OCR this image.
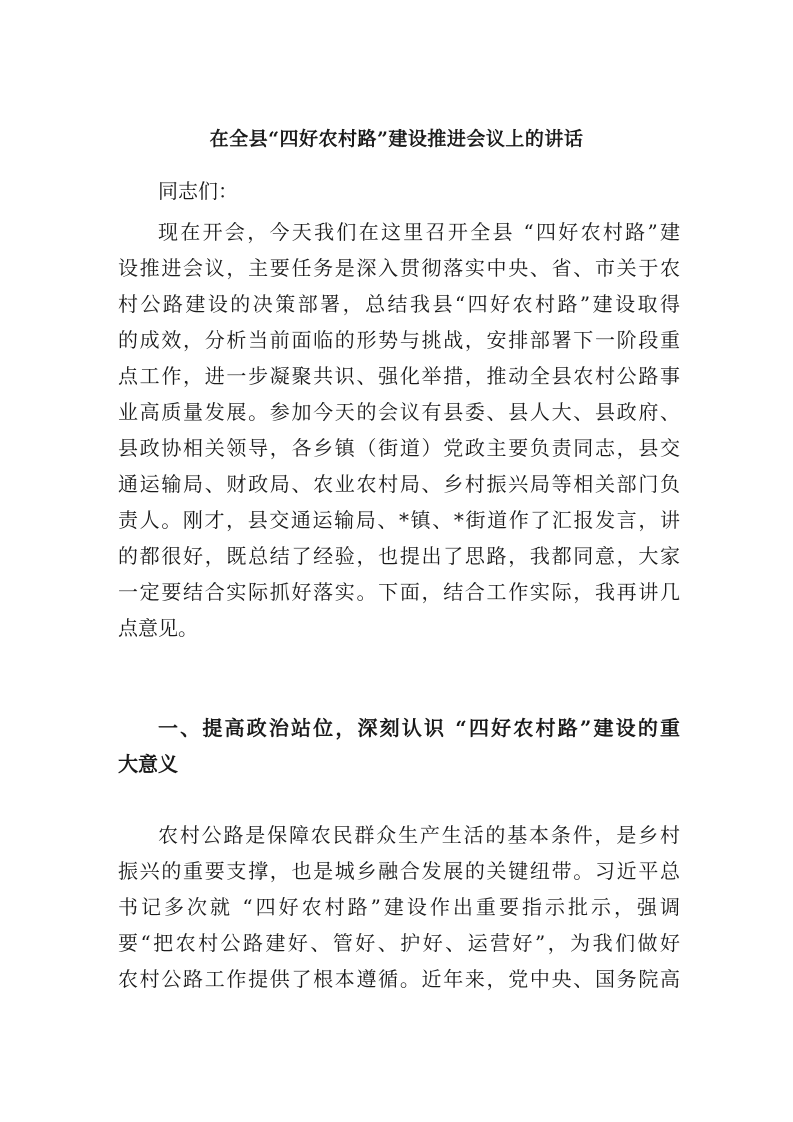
在全县“四好农村路”建设推进会议上的讲话
同志们：
现在开会，今天我们在这里召开全县 “四好农村路”建
设推进会议，主要任务是深入贯彻落实中央、省、市关于农
村公路建设的决策部署，总结我县“四好农村路”建设取得
的成效，分析当前面临的形势与挑战，安排部署下一阶段重
点工作，进一步凝聚共识、强化举措，推动全县农村公路事
业高质量发展。参加今天的会议有县委、县人大、县政府、
县政协相关领导，各乡镇（街道）党政主要负责同志，县交
通运输局、财政局、农业农村局、乡村振兴局等相关部门负
责人。刚才，县交通运输局、*镇、*街道作了汇报发言，讲
的都很好，既总结了经验，也提出了思路，我都同意，大家
一定要结合实际抓好落实。下面，结合工作实际，我再讲几
点意见。
一、提高政治站位，深刻认识 “四好农村路”建设的重
大意义
农村公路是保障农民群众生产生活的基本条件，是乡村
振兴的重要支撑，也是城乡融合发展的关键纽带。习近平总
书记多次就 “四好农村路”建设作出重要指示批示，强调
要“把农村公路建好、管好、护好、运营好”，为我们做好
农村公路工作提供了根本遵循。近年来，党中央、国务院高
